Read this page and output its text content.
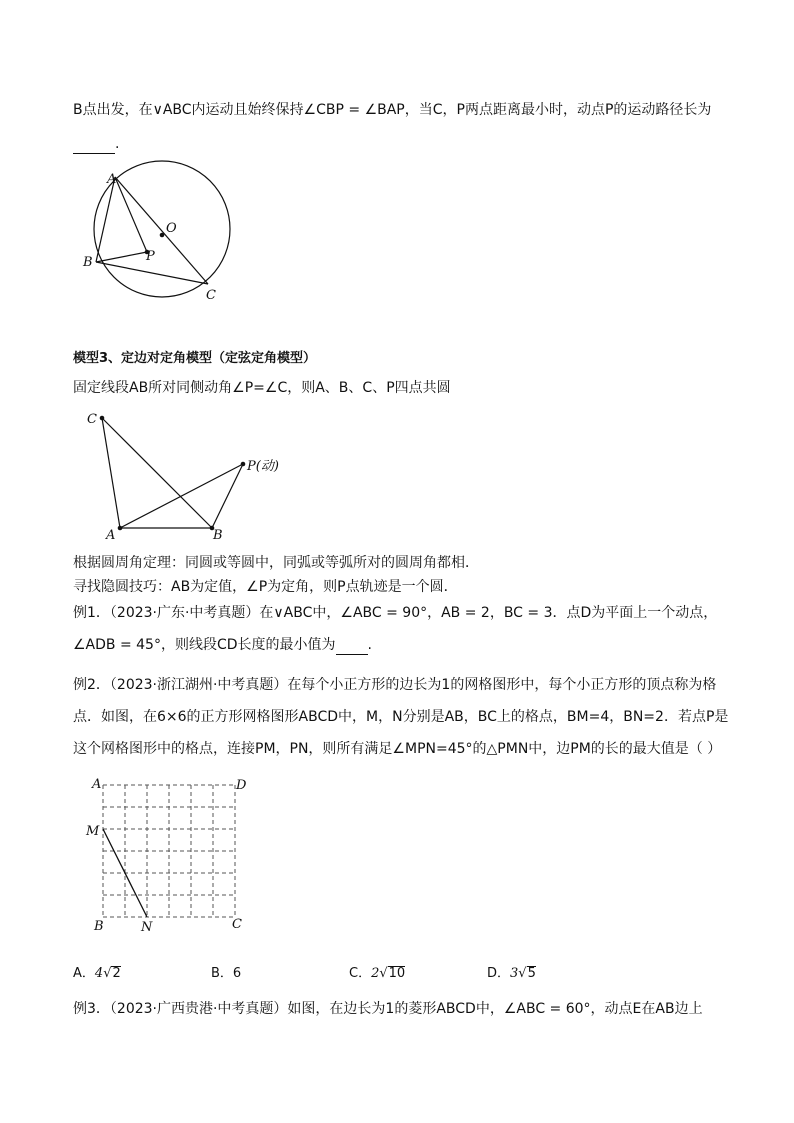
B点出发，在∨ABC内运动且始终保持∠CBP = ∠BAP，当C，P两点距离最小时，动点P的运动路径长为
.
A
O
P
B
C
模型3、定边对定角模型（定弦定角模型）
固定线段AB所对同侧动角∠P=∠C，则A、B、C、P四点共圆
C
P(动)
A	B
根据圆周角定理：同圆或等圆中，同弧或等弧所对的圆周角都相．
寻找隐圆技巧：AB为定值，∠P为定角，则P点轨迹是一个圆．
例1．（2023·广东·中考真题）在∨ABC中，∠ABC = 90°，AB = 2，BC = 3．点D为平面上一个动点，
∠ADB = 45°，则线段CD长度的最小值为 .
例2．（2023·浙江湖州·中考真题）在每个小正方形的边长为1的网格图形中，每个小正方形的顶点称为格
点．如图，在6×6的正方形网格图形ABCD中，M，N分别是AB，BC上的格点，BM=4，BN=2．若点P是
这个网格图形中的格点，连接PM，PN，则所有满足∠MPN=45°的△PMN中，边PM的长的最大值是（ ）
A	D
M
B	N	C
A．4√2	B．6	C．2√10	D．3√5
例3．（2023·广西贵港·中考真题）如图，在边长为1的菱形ABCD中，∠ABC = 60°，动点E在AB边上
